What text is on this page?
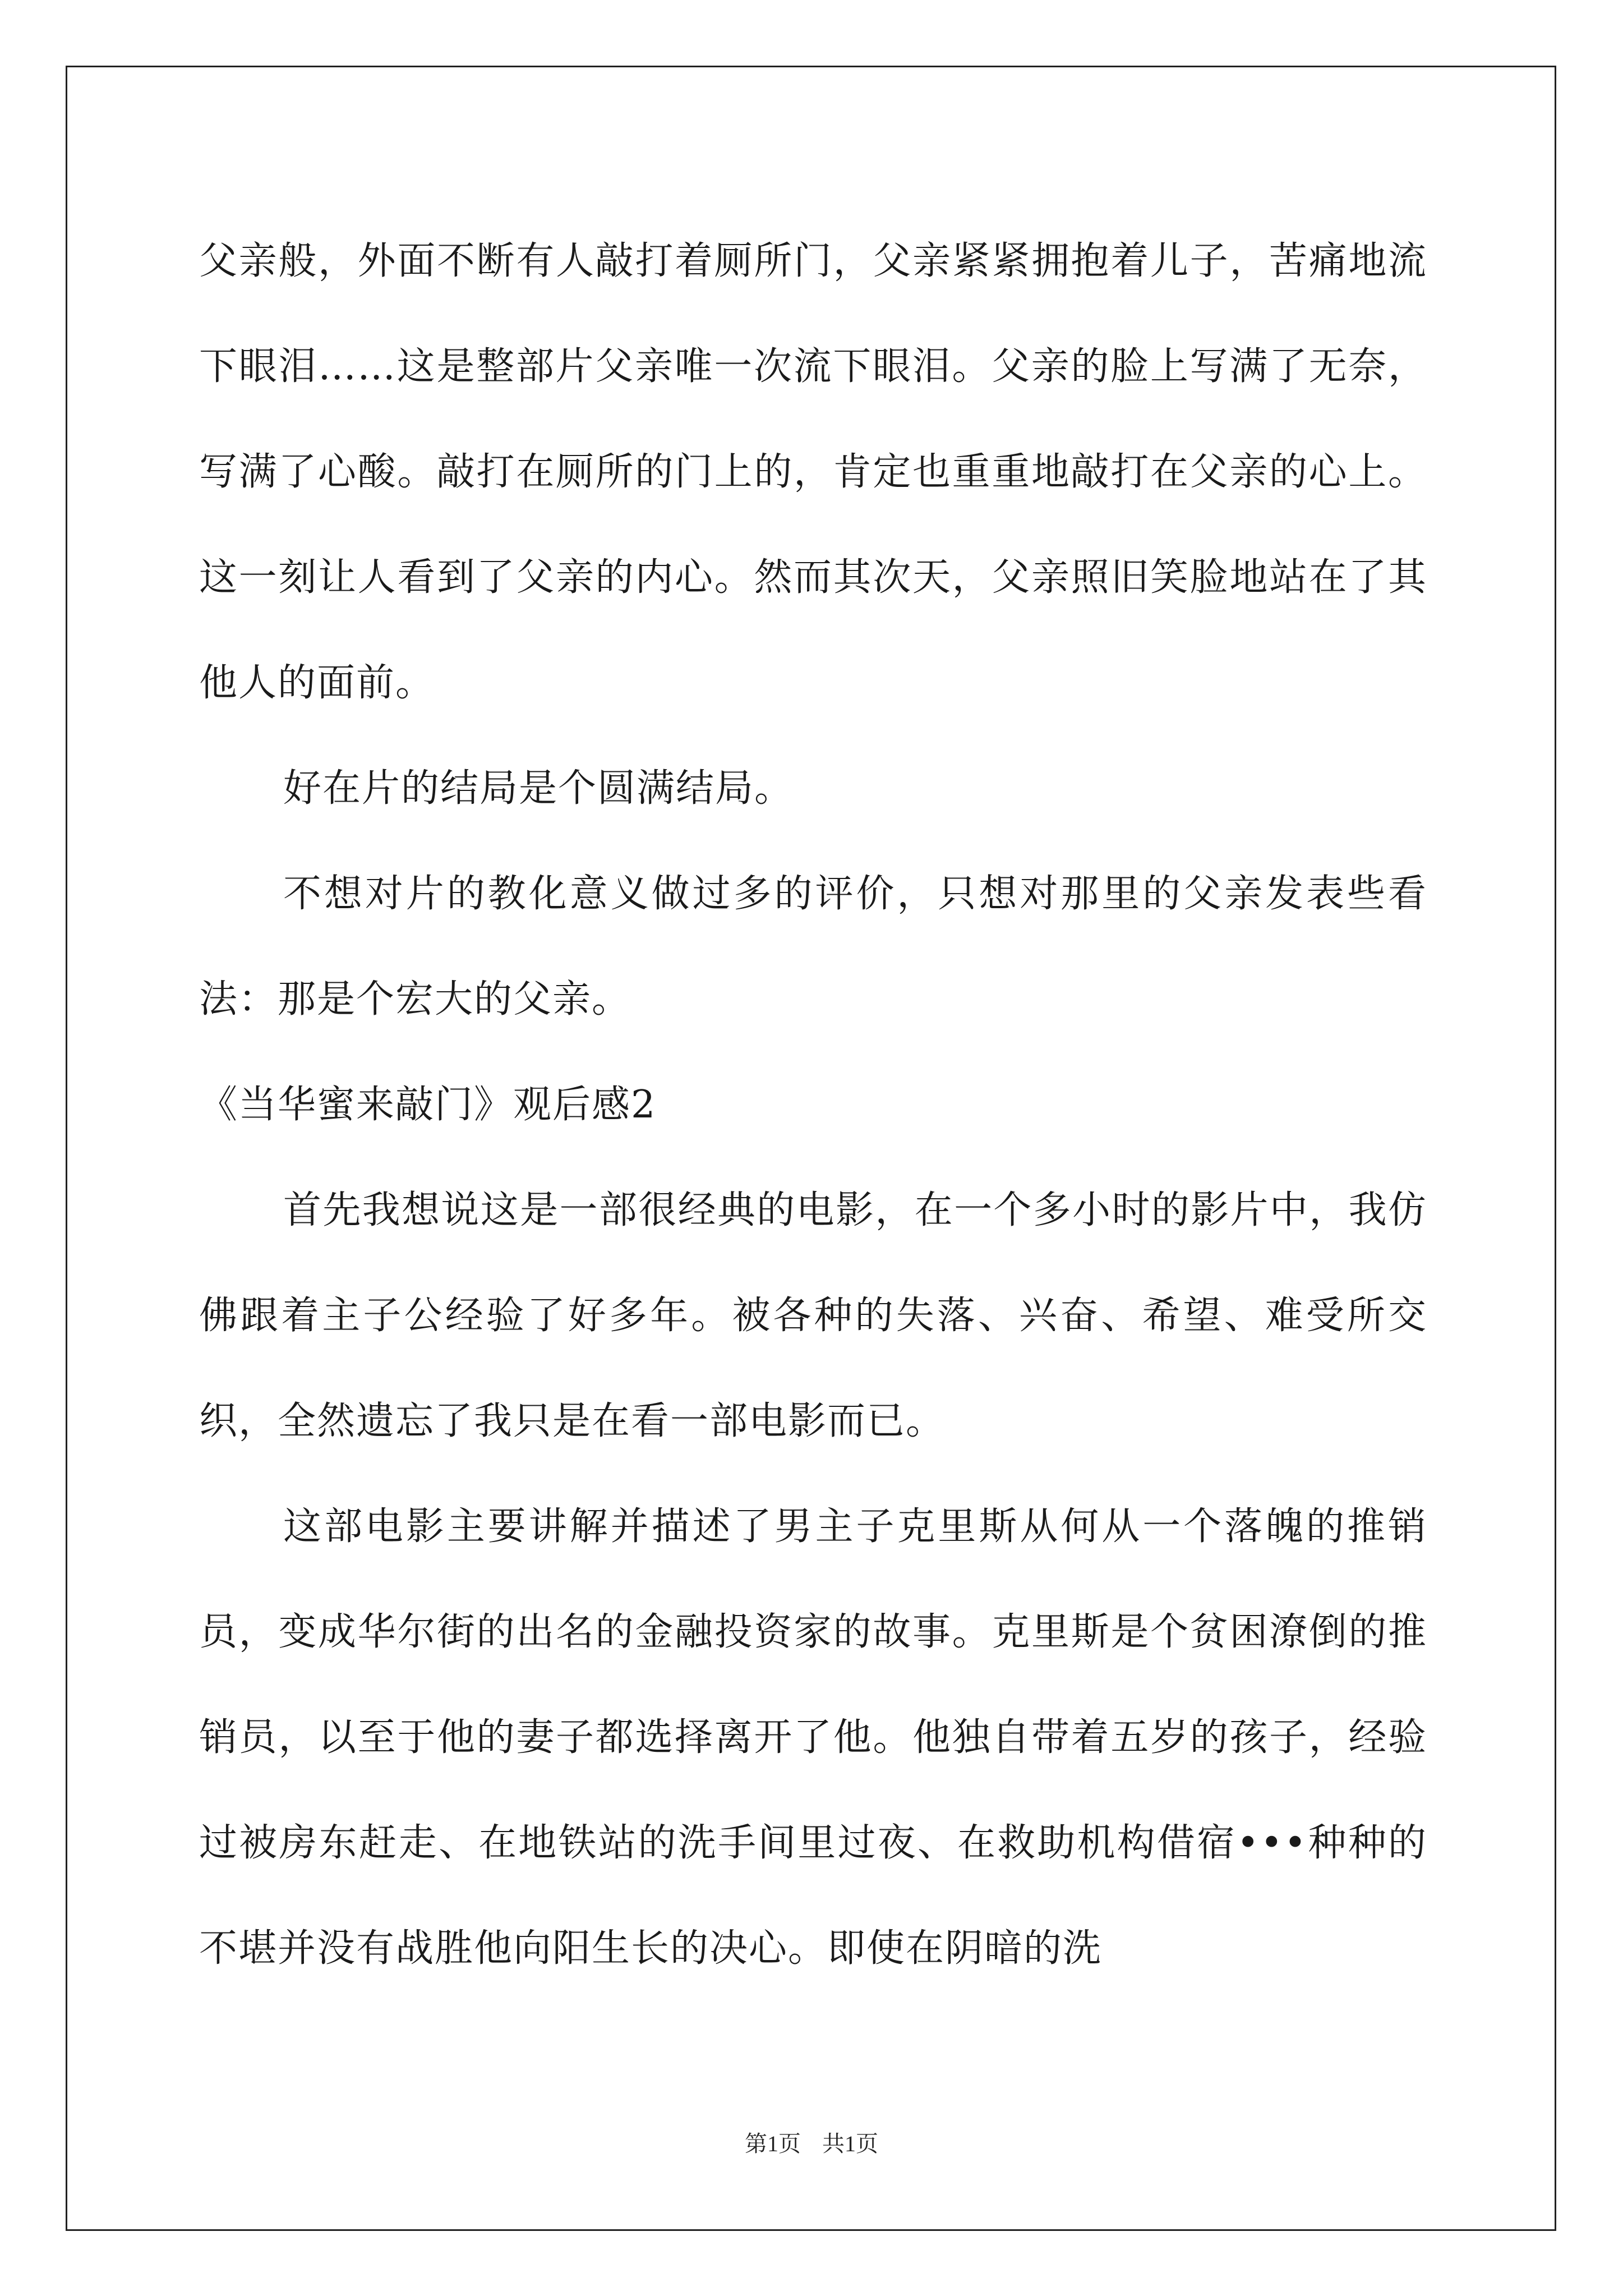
父亲般，外面不断有人敲打着厕所门，父亲紧紧拥抱着儿子，苦痛地流下眼泪……这是整部片父亲唯一次流下眼泪。父亲的脸上写满了无奈，写满了心酸。敲打在厕所的门上的，肯定也重重地敲打在父亲的心上。这一刻让人看到了父亲的内心。然而其次天，父亲照旧笑脸地站在了其他人的面前。

好在片的结局是个圆满结局。

不想对片的教化意义做过多的评价，只想对那里的父亲发表些看法：那是个宏大的父亲。

《当华蜜来敲门》观后感2

首先我想说这是一部很经典的电影，在一个多小时的影片中，我仿佛跟着主子公经验了好多年。被各种的失落、兴奋、希望、难受所交织，全然遗忘了我只是在看一部电影而已。

这部电影主要讲解并描述了男主子克里斯从何从一个落魄的推销员，变成华尔街的出名的金融投资家的故事。克里斯是个贫困潦倒的推销员，以至于他的妻子都选择离开了他。他独自带着五岁的孩子，经验过被房东赶走、在地铁站的洗手间里过夜、在救助机构借宿•••种种的不堪并没有战胜他向阳生长的决心。即使在阴暗的洗

第1页 共1页
